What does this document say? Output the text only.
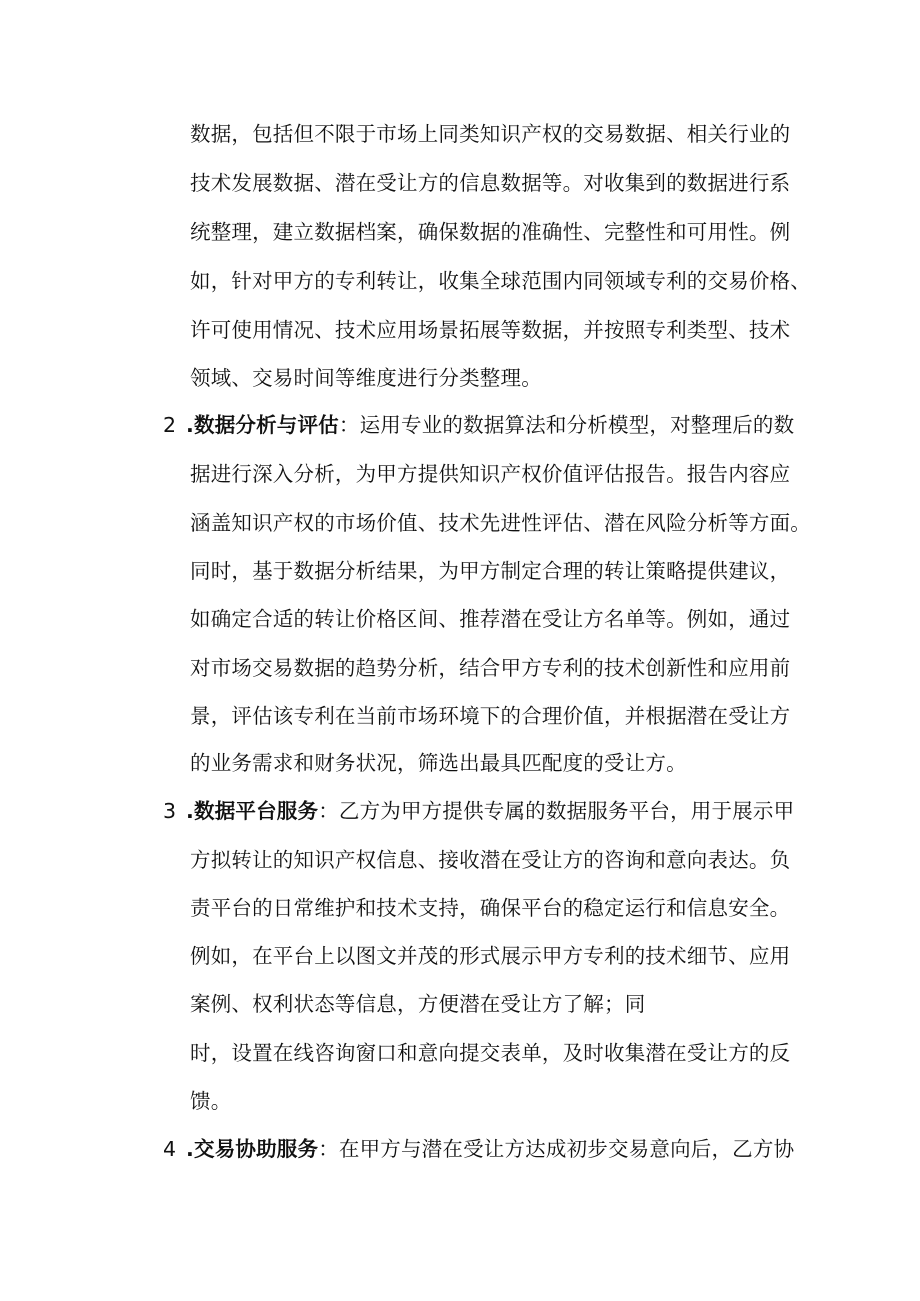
数据，包括但不限于市场上同类知识产权的交易数据、相关行业的
技术发展数据、潜在受让方的信息数据等。对收集到的数据进行系
统整理，建立数据档案，确保数据的准确性、完整性和可用性。例
如，针对甲方的专利转让，收集全球范围内同领域专利的交易价格、
许可使用情况、技术应用场景拓展等数据，并按照专利类型、技术
领域、交易时间等维度进行分类整理。
2 .数据分析与评估：运用专业的数据算法和分析模型，对整理后的数
据进行深入分析，为甲方提供知识产权价值评估报告。报告内容应
涵盖知识产权的市场价值、技术先进性评估、潜在风险分析等方面。
同时，基于数据分析结果，为甲方制定合理的转让策略提供建议，
如确定合适的转让价格区间、推荐潜在受让方名单等。例如，通过
对市场交易数据的趋势分析，结合甲方专利的技术创新性和应用前
景，评估该专利在当前市场环境下的合理价值，并根据潜在受让方
的业务需求和财务状况，筛选出最具匹配度的受让方。
3 .数据平台服务：乙方为甲方提供专属的数据服务平台，用于展示甲
方拟转让的知识产权信息、接收潜在受让方的咨询和意向表达。负
责平台的日常维护和技术支持，确保平台的稳定运行和信息安全。
例如，在平台上以图文并茂的形式展示甲方专利的技术细节、应用
案例、权利状态等信息，方便潜在受让方了解；同
时，设置在线咨询窗口和意向提交表单，及时收集潜在受让方的反
馈。
4 .交易协助服务：在甲方与潜在受让方达成初步交易意向后，乙方协
